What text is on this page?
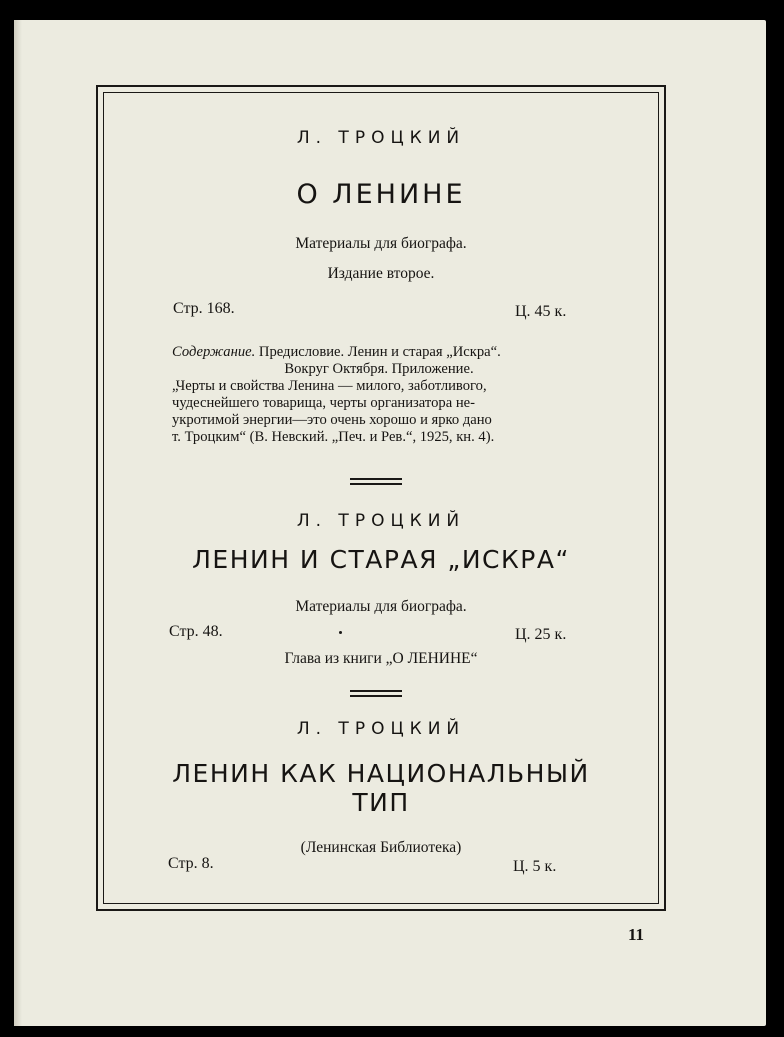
Л. ТРОЦКИЙ
О ЛЕНИНЕ
Материалы для биографа.
Издание второе.
Стр. 168.	Ц. 45 к.
Содержание. Предисловие. Ленин и старая „Искра“.
Вокруг Октября. Приложение.
„Черты и свойства Ленина — милого, заботливого,
чудеснейшего товарища, черты организатора не-
укротимой энергии—это очень хорошо и ярко дано
т. Троцким“ (В. Невский. „Печ. и Рев.“, 1925, кн. 4).
Л. ТРОЦКИЙ
ЛЕНИН И СТАРАЯ „ИСКРА“
Материалы для биографа.
Стр. 48.	Ц. 25 к.
Глава из книги „О ЛЕНИНЕ“
Л. ТРОЦКИЙ
ЛЕНИН КАК НАЦИОНАЛЬНЫЙ
ТИП
(Ленинская Библиотека)
Стр. 8.	Ц. 5 к.
11
